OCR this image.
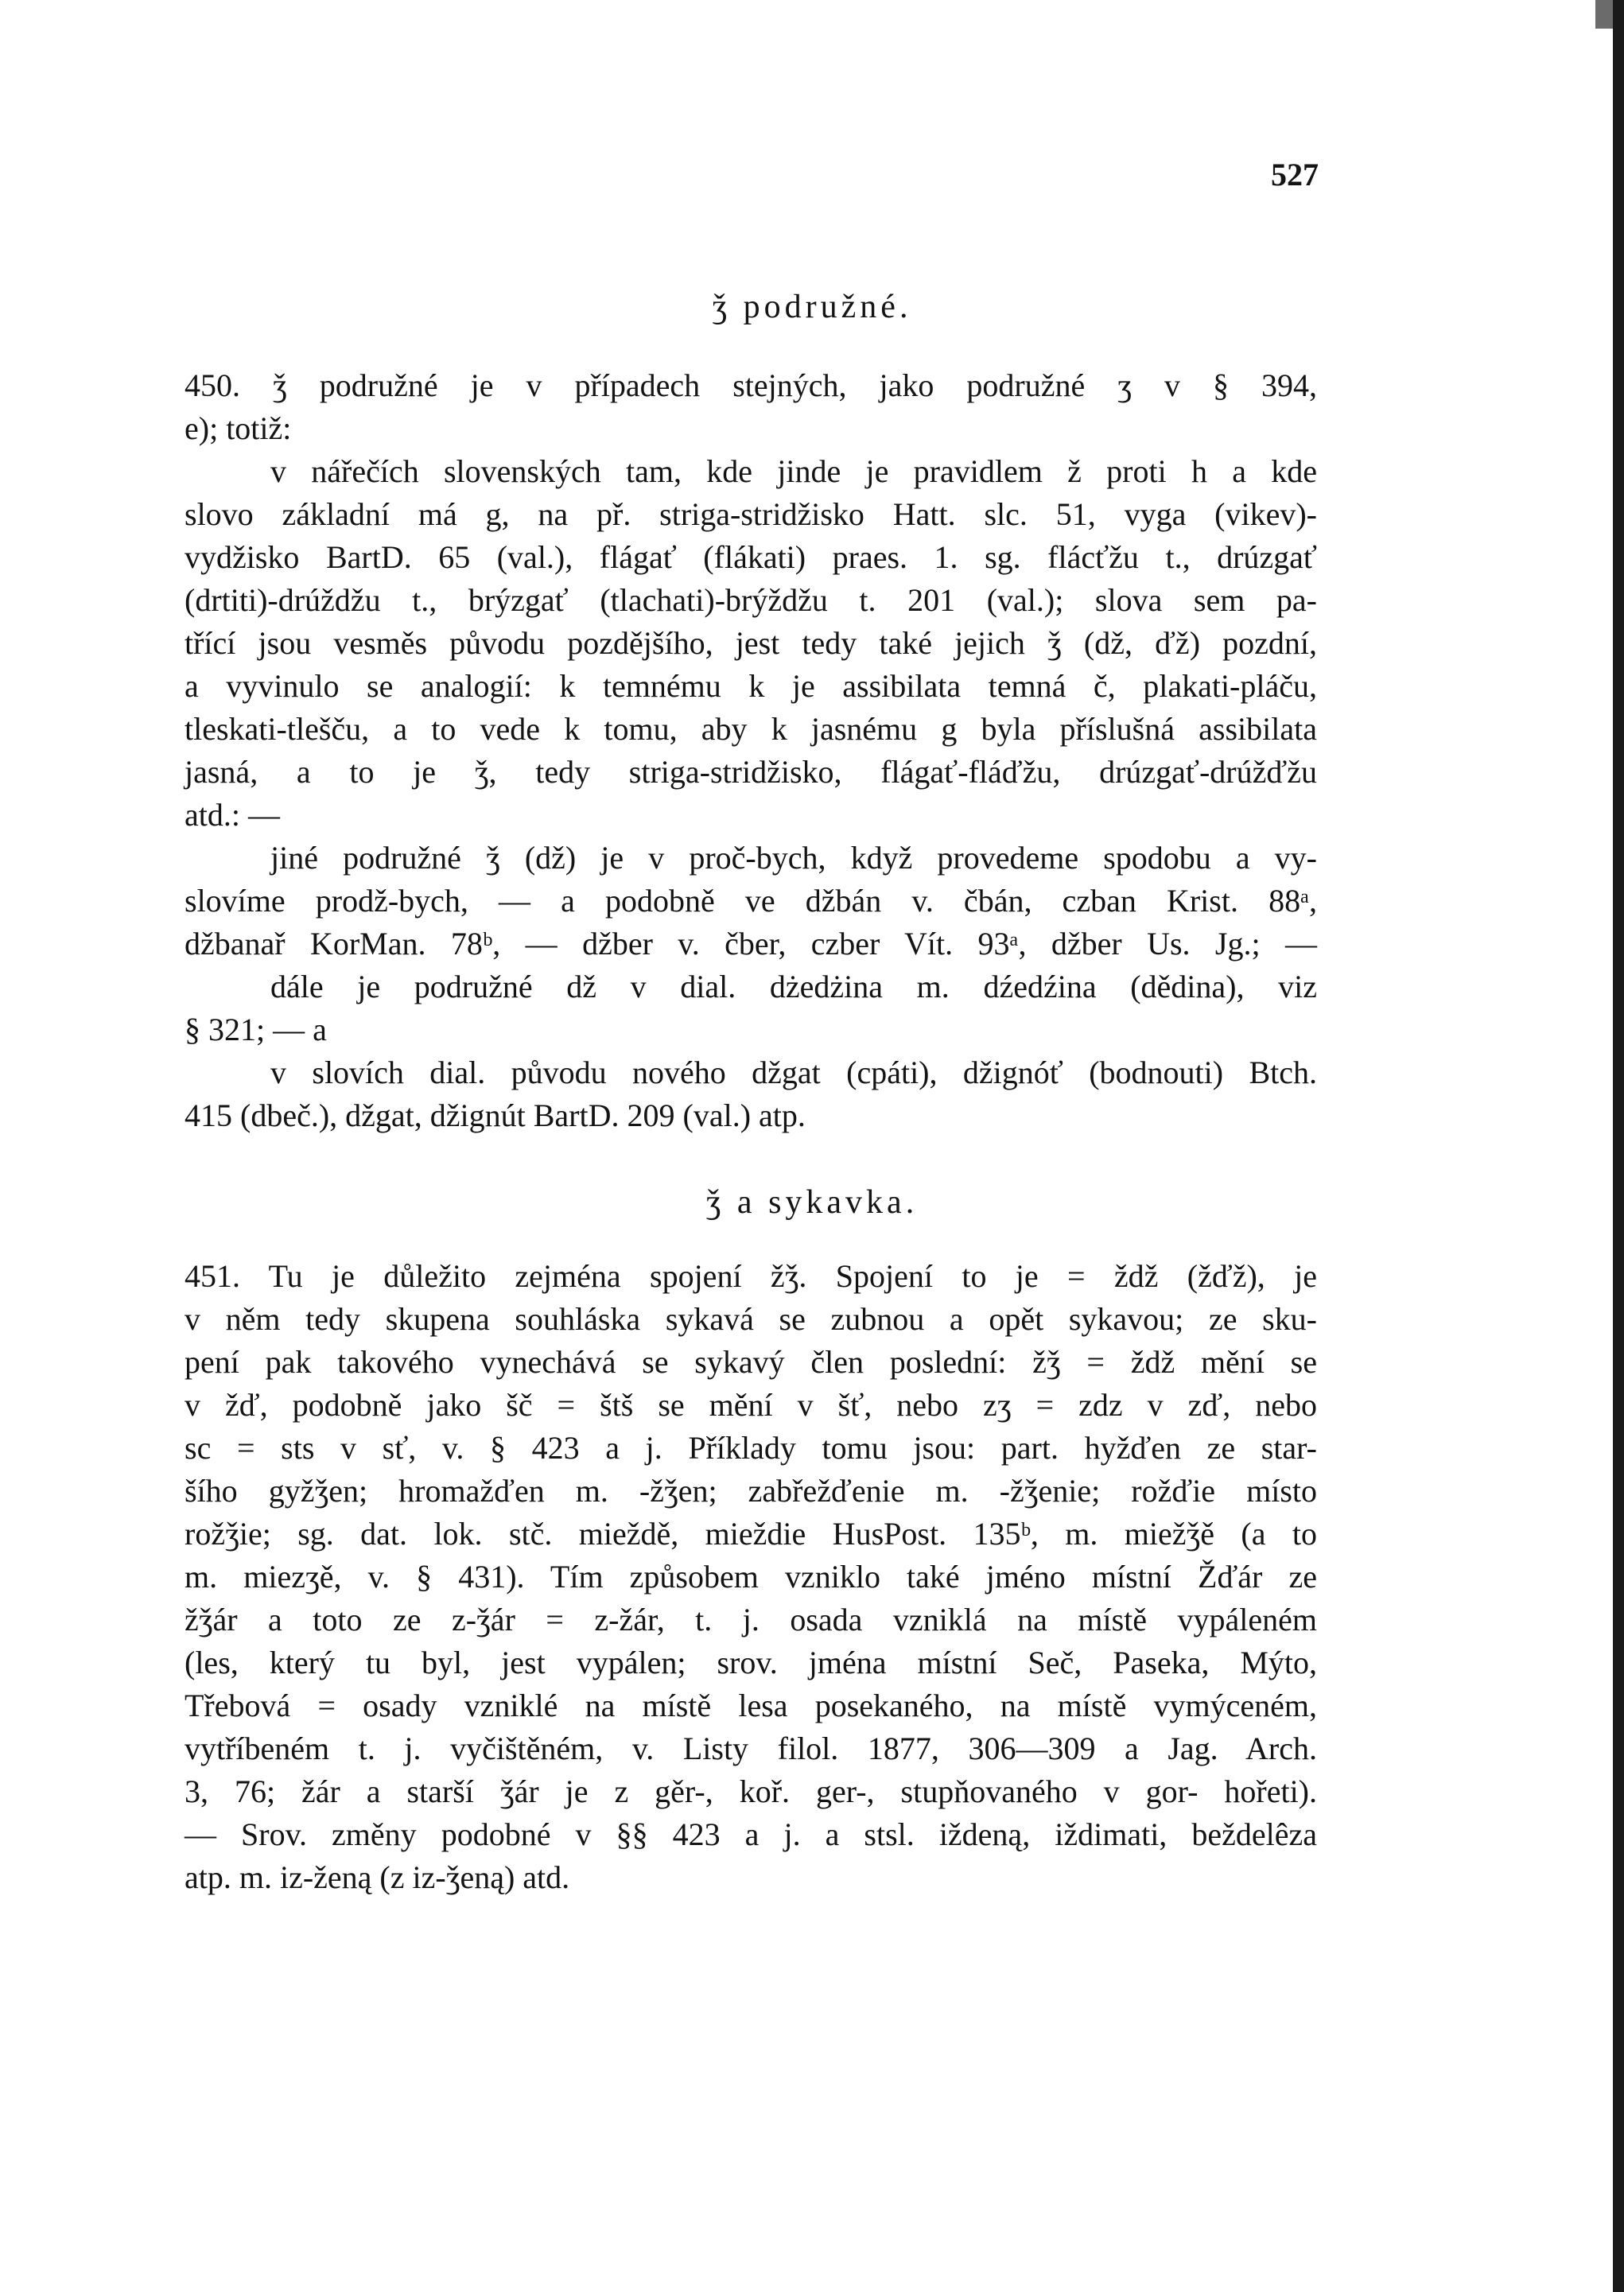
527
ǯ podružné.
450. ǯ podružné je v případech stejných, jako podružné ʒ v § 394,
e); totiž:
v nářečích slovenských tam, kde jinde je pravidlem ž proti h a kde
slovo základní má g, na př. striga-stridžisko Hatt. slc. 51, vyga (vikev)-
vydžisko BartD. 65 (val.), flágať (flákati) praes. 1. sg. flácťžu t., drúzgať
(drtiti)-drúždžu t., brýzgať (tlachati)-brýždžu t. 201 (val.); slova sem pa-
třící jsou vesměs původu pozdějšího, jest tedy také jejich ǯ (dž, ďž) pozdní,
a vyvinulo se analogií: k temnému k je assibilata temná č, plakati-pláču,
tleskati-tlešču, a to vede k tomu, aby k jasnému g byla příslušná assibilata
jasná, a to je ǯ, tedy striga-stridžisko, flágať-fláďžu, drúzgať-drúžďžu
atd.: —
jiné podružné ǯ (dž) je v proč-bych, když provedeme spodobu a vy-
slovíme prodž-bych, — a podobně ve džbán v. čbán, czban Krist. 88ᵃ,
džbanař KorMan. 78ᵇ, — džber v. čber, czber Vít. 93ᵃ, džber Us. Jg.; —
dále je podružné dž v dial. dżedżina m. dźedźina (dědina), viz
§ 321; — a
v slovích dial. původu nového džgat (cpáti), džignóť (bodnouti) Btch.
415 (dbeč.), džgat, džignút BartD. 209 (val.) atp.
ǯ a sykavka.
451. Tu je důležito zejména spojení žǯ. Spojení to je = ždž (žďž), je
v něm tedy skupena souhláska sykavá se zubnou a opět sykavou; ze sku-
pení pak takového vynechává se sykavý člen poslední: žǯ = ždž mění se
v žď, podobně jako šč = štš se mění v šť, nebo zʒ = zdz v zď, nebo
sc = sts v sť, v. § 423 a j. Příklady tomu jsou: part. hyžďen ze star-
šího gyžǯen; hromažďen m. -žǯen; zabřežďenie m. -žǯenie; rožďie místo
rožǯie; sg. dat. lok. stč. mieždě, mieždie HusPost. 135ᵇ, m. miežǯě (a to
m. miezʒě, v. § 431). Tím způsobem vzniklo také jméno místní Žďár ze
žǯár a toto ze z-ǯár = z-žár, t. j. osada vzniklá na místě vypáleném
(les, který tu byl, jest vypálen; srov. jména místní Seč, Paseka, Mýto,
Třebová = osady vzniklé na místě lesa posekaného, na místě vymýceném,
vytříbeném t. j. vyčištěném, v. Listy filol. 1877, 306—309 a Jag. Arch.
3, 76; žár a starší ǯár je z gěr-, koř. ger-, stupňovaného v gor- hořeti).
— Srov. změny podobné v §§ 423 a j. a stsl. iždeną, iždimati, beždelêza
atp. m. iz-ženą (z iz-ǯeną) atd.
